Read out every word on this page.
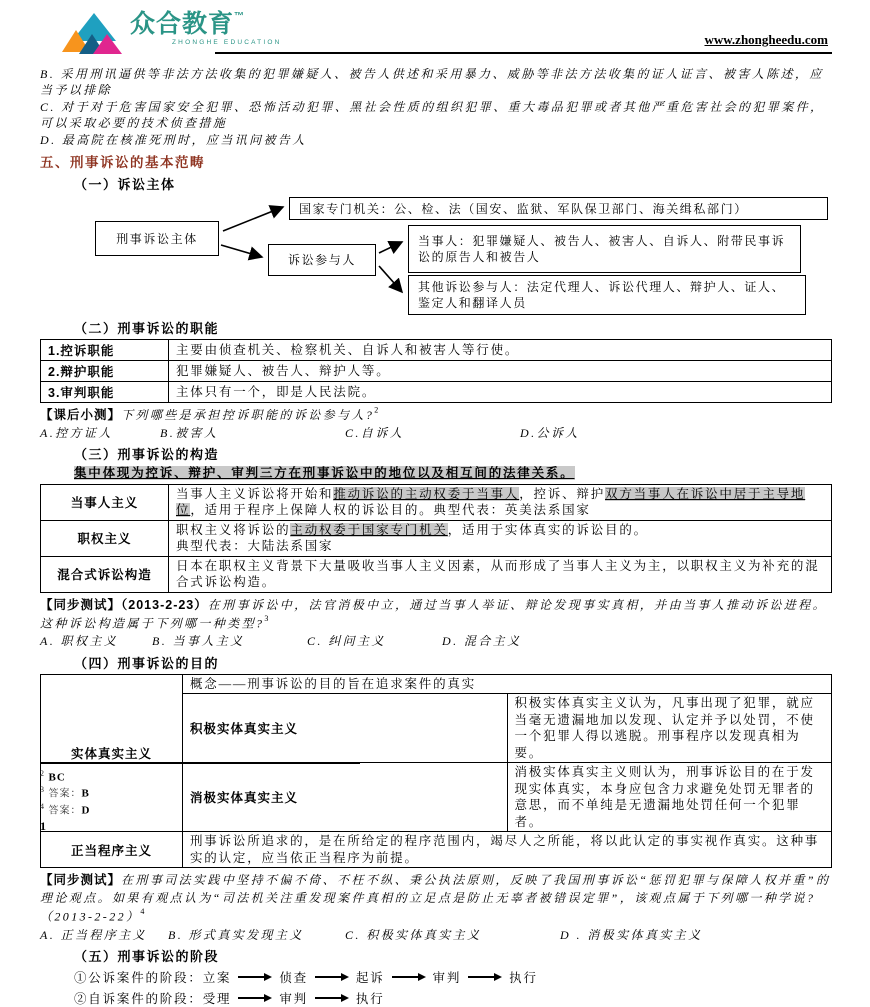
众合教育™
ZHONGHE EDUCATION	www.zhongheedu.com
B. 采用刑讯逼供等非法方法收集的犯罪嫌疑人、被告人供述和采用暴力、威胁等非法方法收集的证人证言、被害人陈述，应当予以排除
C. 对于对于危害国家安全犯罪、恐怖活动犯罪、黑社会性质的组织犯罪、重大毒品犯罪或者其他严重危害社会的犯罪案件，可以采取必要的技术侦查措施
D. 最高院在核准死刑时，应当讯问被告人
五、刑事诉讼的基本范畴
（一）诉讼主体
刑事诉讼主体
国家专门机关：公、检、法（国安、监狱、军队保卫部门、海关缉私部门）
诉讼参与人
当事人：犯罪嫌疑人、被告人、被害人、自诉人、附带民事诉讼的原告人和被告人
其他诉讼参与人：法定代理人、诉讼代理人、辩护人、证人、鉴定人和翻译人员
（二）刑事诉讼的职能
1.控诉职能	主要由侦查机关、检察机关、自诉人和被害人等行使。
2.辩护职能	犯罪嫌疑人、被告人、辩护人等。
3.审判职能	主体只有一个，即是人民法院。
【课后小测】下列哪些是承担控诉职能的诉讼参与人?$^2$
A.控方证人	B.被害人	C.自诉人	D.公诉人
（三）刑事诉讼的构造
集中体现为控诉、辩护、审判三方在刑事诉讼中的地位以及相互间的法律关系。
当事人主义	当事人主义诉讼将开始和推动诉讼的主动权委于当事人，控诉、辩护双方当事人在诉讼中居于主导地位，适用于程序上保障人权的诉讼目的。典型代表：英美法系国家
职权主义	职权主义将诉讼的主动权委于国家专门机关，适用于实体真实的诉讼目的。
典型代表：大陆法系国家

混合式诉讼构造	日本在职权主义背景下大量吸收当事人主义因素，从而形成了当事人主义为主，以职权主义为补充的混合式诉讼构造。
【同步测试】（2013-2-23）在刑事诉讼中，法官消极中立，通过当事人举证、辩论发现事实真相，并由当事人推动诉讼进程。这种诉讼构造属于下列哪一种类型?$^3$
A. 职权主义	B. 当事人主义	C. 纠问主义	D. 混合主义
（四）刑事诉讼的目的
实体真实主义	概念——刑事诉讼的目的旨在追求案件的真实	
	积极实体真实主义	积极实体真实主义认为，凡事出现了犯罪，就应当毫无遗漏地加以发现、认定并予以处罚，不使一个犯罪人得以逃脱。刑事程序以发现真相为要。
	消极实体真实主义	消极实体真实主义则认为，刑事诉讼目的在于发现实体真实，本身应包含力求避免处罚无罪者的意思，而不单纯是无遗漏地处罚任何一个犯罪者。
正当程序主义	刑事诉讼所追求的，是在所给定的程序范围内，竭尽人之所能，将以此认定的事实视作真实。这种事实的认定，应当依正当程序为前提。	
【同步测试】在刑事司法实践中坚持不偏不倚、不枉不纵、秉公执法原则，反映了我国刑事诉讼“惩罚犯罪与保障人权并重”的理论观点。如果有观点认为“司法机关注重发现案件真相的立足点是防止无辜者被错误定罪”，该观点属于下列哪一种学说$?(2013-2-22)^4$
A. 正当程序主义	B. 形式真实发现主义	C. 积极实体真实主义	D . 消极实体真实主义
（五）刑事诉讼的阶段
①公诉案件的阶段： 立案	侦查	起诉	审判	执行
②自诉案件的阶段： 受理	审判	执行
$^2$ BC
$^3$ 答案：B
$^4$ 答案：D
1
